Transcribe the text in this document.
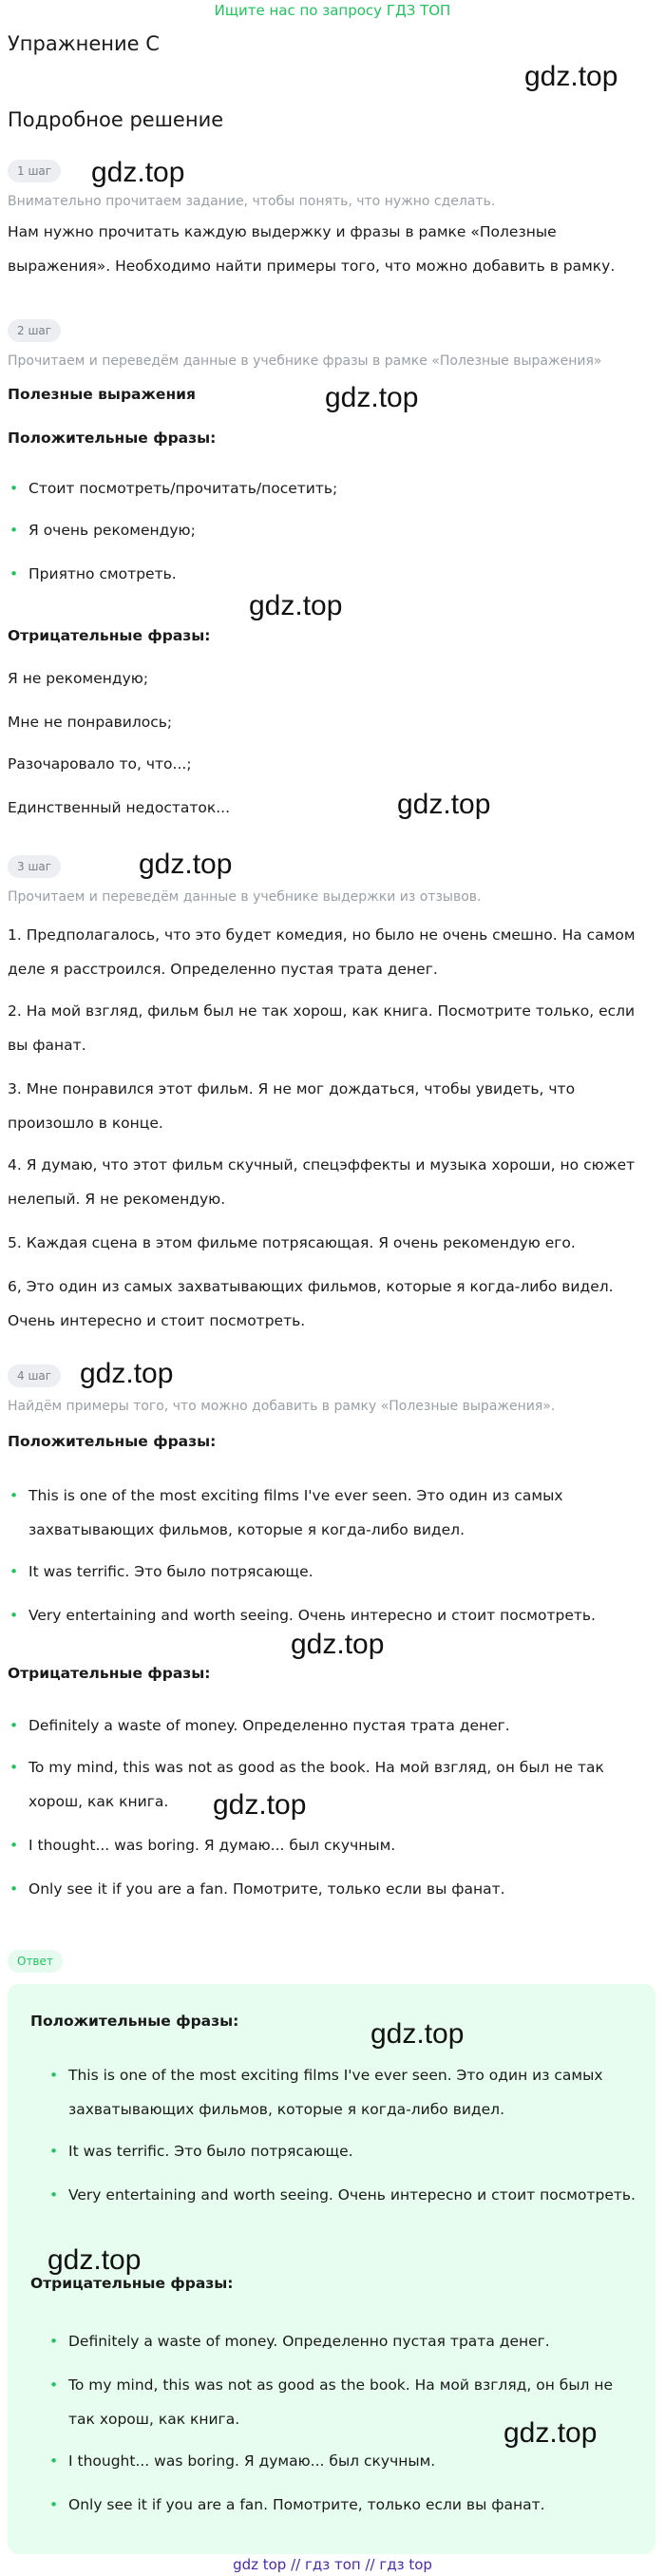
Ищите нас по запросу ГДЗ ТОП
Упражнение C
Подробное решение
gdz.top
gdz.top
gdz.top
gdz.top
gdz.top
gdz.top
gdz.top
gdz.top
gdz.top
1 шаг
Внимательно прочитаем задание, чтобы понять, что нужно сделать.
Нам нужно прочитать каждую выдержку и фразы в рамке «Полезные выражения». Необходимо найти примеры того, что можно добавить в рамку.
2 шаг
Прочитаем и переведём данные в учебнике фразы в рамке «Полезные выражения»
Полезные выражения
Положительные фразы:
• Стоит посмотреть/прочитать/посетить;
• Я очень рекомендую;
• Приятно смотреть.
Отрицательные фразы:
Я не рекомендую;
Мне не понравилось;
Разочаровало то, что...;
Единственный недостаток...
3 шаг
Прочитаем и переведём данные в учебнике выдержки из отзывов.
1. Предполагалось, что это будет комедия, но было не очень смешно. На самом деле я расстроился. Определенно пустая трата денег.
2. На мой взгляд, фильм был не так хорош, как книга. Посмотрите только, если вы фанат.
3. Мне понравился этот фильм. Я не мог дождаться, чтобы увидеть, что произошло в конце.
4. Я думаю, что этот фильм скучный, спецэффекты и музыка хороши, но сюжет нелепый. Я не рекомендую.
5. Каждая сцена в этом фильме потрясающая. Я очень рекомендую его.
6, Это один из самых захватывающих фильмов, которые я когда-либо видел. Очень интересно и стоит посмотреть.
4 шаг
Найдём примеры того, что можно добавить в рамку «Полезные выражения».
Положительные фразы:
• This is one of the most exciting films I've ever seen. Это один из самых захватывающих фильмов, которые я когда-либо видел.
• It was terrific. Это было потрясающе.
• Very entertaining and worth seeing. Очень интересно и стоит посмотреть.
Отрицательные фразы:
• Definitely a waste of money. Определенно пустая трата денег.
• To my mind, this was not as good as the book. На мой взгляд, он был не так хорош, как книга.
• I thought... was boring. Я думаю... был скучным.
• Only see it if you are a fan. Помотрите, только если вы фанат.
Ответ
Положительные фразы:
• This is one of the most exciting films I've ever seen. Это один из самых захватывающих фильмов, которые я когда-либо видел.
• It was terrific. Это было потрясающе.
• Very entertaining and worth seeing. Очень интересно и стоит посмотреть.
Отрицательные фразы:
• Definitely a waste of money. Определенно пустая трата денег.
• To my mind, this was not as good as the book. На мой взгляд, он был не так хорош, как книга.
• I thought... was boring. Я думаю... был скучным.
• Only see it if you are a fan. Помотрите, только если вы фанат.
gdz.top
gdz.top
gdz.top
gdz top // гдз топ // гдз top
